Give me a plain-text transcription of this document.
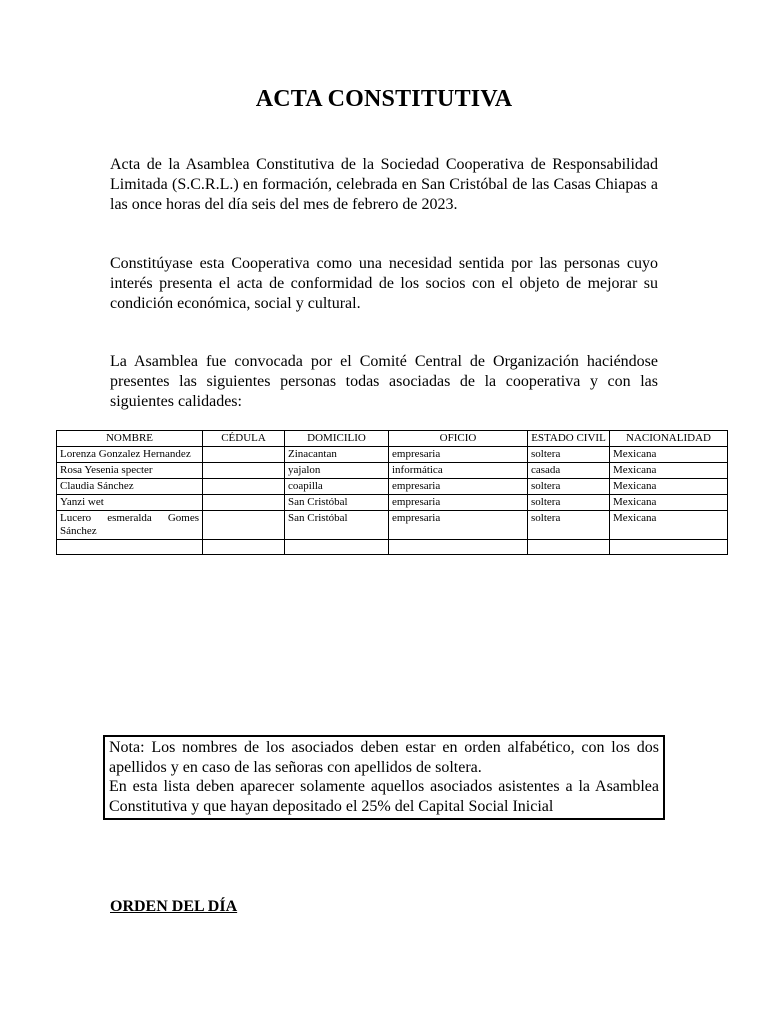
ACTA CONSTITUTIVA
Acta de la Asamblea Constitutiva de la Sociedad Cooperativa de Responsabilidad Limitada (S.C.R.L.) en formación, celebrada en San Cristóbal de las Casas Chiapas a las once horas del día seis del mes de febrero de 2023.
Constitúyase esta Cooperativa como una necesidad sentida por las personas cuyo interés presenta el acta de conformidad de los socios con el objeto de mejorar su condición económica, social y cultural.
La Asamblea fue convocada por el Comité Central de Organización haciéndose presentes las siguientes personas todas asociadas de la cooperativa y con las siguientes calidades:
NOMBRE	CÉDULA	DOMICILIO	OFICIO	ESTADO CIVIL	NACIONALIDAD
Lorenza Gonzalez Hernandez		Zinacantan	empresaria	soltera	Mexicana
Rosa Yesenia specter		yajalon	informática	casada	Mexicana
Claudia Sánchez		coapilla	empresaria	soltera	Mexicana
Yanzi wet		San Cristóbal	empresaria	soltera	Mexicana
Lucero esmeralda Gomes Sánchez		San Cristóbal	empresaria	soltera	Mexicana

Nota: Los nombres de los asociados deben estar en orden alfabético, con los dos apellidos y en caso de las señoras con apellidos de soltera.

En esta lista deben aparecer solamente aquellos asociados asistentes a la Asamblea Constitutiva y que hayan depositado el 25% del Capital Social Inicial

ORDEN DEL DÍA
